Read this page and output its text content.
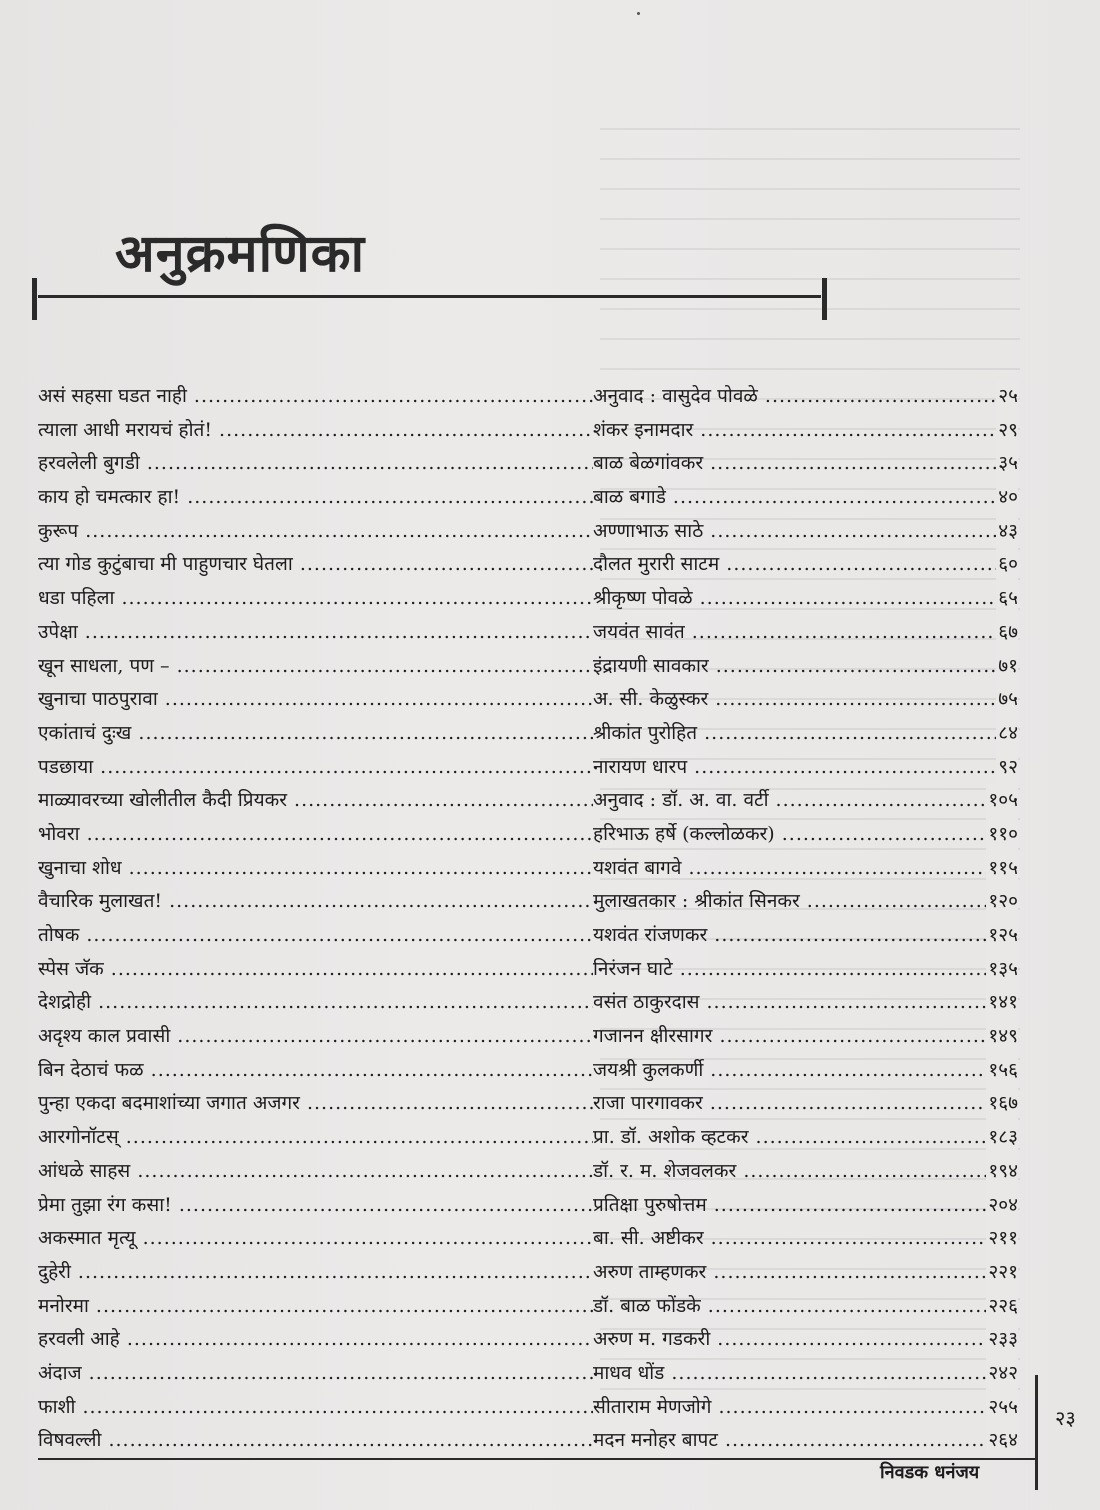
अनुक्रमणिका
असं सहसा घडत नाही .....	अनुवाद : वासुदेव पोवळे .....	२५
त्याला आधी मरायचं होतं! .....	शंकर इनामदार .....	२९
हरवलेली बुगडी .....	बाळ बेळगांवकर .....	३५
काय हो चमत्कार हा! .....	बाळ बगाडे .....	४०
कुरूप .....	अण्णाभाऊ साठे .....	४३
त्या गोड कुटुंबाचा मी पाहुणचार घेतला .....	दौलत मुरारी साटम .....	६०
धडा पहिला .....	श्रीकृष्ण पोवळे .....	६५
उपेक्षा .....	जयवंत सावंत .....	६७
खून साधला, पण – .....	इंद्रायणी सावकार .....	७१
खुनाचा पाठपुरावा .....	अ. सी. केळुस्कर .....	७५
एकांताचं दुःख .....	श्रीकांत पुरोहित .....	८४
पडछाया .....	नारायण धारप .....	९२
माळ्यावरच्या खोलीतील कैदी प्रियकर .....	अनुवाद : डॉ. अ. वा. वर्टी .....	१०५
भोवरा .....	हरिभाऊ हर्षे (कल्लोळकर) .....	११०
खुनाचा शोध .....	यशवंत बागवे .....	११५
वैचारिक मुलाखत! .....	मुलाखतकार : श्रीकांत सिनकर .....	१२०
तोषक .....	यशवंत रांजणकर .....	१२५
स्पेस जॅक .....	निरंजन घाटे .....	१३५
देशद्रोही .....	वसंत ठाकुरदास .....	१४१
अदृश्य काल प्रवासी .....	गजानन क्षीरसागर .....	१४९
बिन देठाचं फळ .....	जयश्री कुलकर्णी .....	१५६
पुन्हा एकदा बदमाशांच्या जगात अजगर .....	राजा पारगावकर .....	१६७
आरगोनॉटस् .....	प्रा. डॉ. अशोक व्हटकर .....	१८३
आंधळे साहस .....	डॉ. र. म. शेजवलकर .....	१९४
प्रेमा तुझा रंग कसा! .....	प्रतिक्षा पुरुषोत्तम .....	२०४
अकस्मात मृत्यू .....	बा. सी. अष्टीकर .....	२११
दुहेरी .....	अरुण ताम्हणकर .....	२२१
मनोरमा .....	डॉ. बाळ फोंडके .....	२२६
हरवली आहे .....	अरुण म. गडकरी .....	२३३
अंदाज .....	माधव धोंड .....	२४२
फाशी .....	सीताराम मेणजोगे .....	२५५
विषवल्ली .....	मदन मनोहर बापट .....	२६४
२३
निवडक धनंजय
